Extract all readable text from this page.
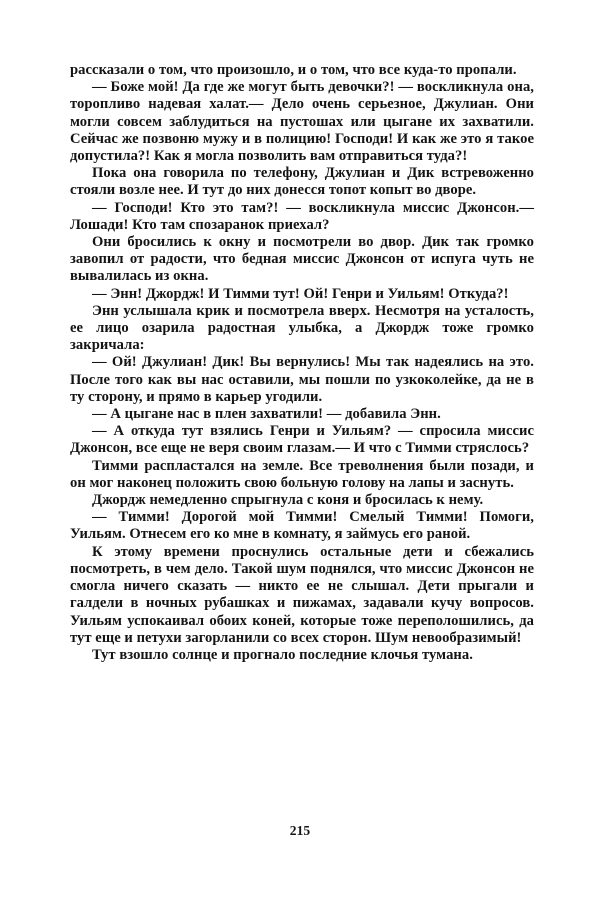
рассказали о том, что произошло, и о том, что все куда-то пропали.

— Боже мой! Да где же могут быть девочки?! — воскликнула она, торопливо надевая халат.— Дело очень серьезное, Джулиан. Они могли совсем заблудиться на пустошах или цыгане их захватили. Сейчас же позвоню мужу и в полицию! Господи! И как же это я такое допустила?! Как я могла позволить вам отправиться туда?!

Пока она говорила по телефону, Джулиан и Дик встревоженно стояли возле нее. И тут до них донесся топот копыт во дворе.

— Господи! Кто это там?! — воскликнула миссис Джонсон.— Лошади! Кто там спозаранок приехал?

Они бросились к окну и посмотрели во двор. Дик так громко завопил от радости, что бедная миссис Джонсон от испуга чуть не вывалилась из окна.

— Энн! Джордж! И Тимми тут! Ой! Генри и Уильям! Откуда?!

Энн услышала крик и посмотрела вверх. Несмотря на усталость, ее лицо озарила радостная улыбка, а Джордж тоже громко закричала:

— Ой! Джулиан! Дик! Вы вернулись! Мы так надеялись на это. После того как вы нас оставили, мы пошли по узкоколейке, да не в ту сторону, и прямо в карьер угодили.

— А цыгане нас в плен захватили! — добавила Энн.

— А откуда тут взялись Генри и Уильям? — спросила миссис Джонсон, все еще не веря своим глазам.— И что с Тимми стряслось?

Тимми распластался на земле. Все треволнения были позади, и он мог наконец положить свою больную голову на лапы и заснуть.

Джордж немедленно спрыгнула с коня и бросилась к нему.

— Тимми! Дорогой мой Тимми! Смелый Тимми! Помоги, Уильям. Отнесем его ко мне в комнату, я займусь его раной.

К этому времени проснулись остальные дети и сбежались посмотреть, в чем дело. Такой шум поднялся, что миссис Джонсон не смогла ничего сказать — никто ее не слышал. Дети прыгали и галдели в ночных рубашках и пижамах, задавали кучу вопросов. Уильям успокаивал обоих коней, которые тоже переполошились, да тут еще и петухи загорланили со всех сторон. Шум невообразимый!

Тут взошло солнце и прогнало последние клочья тумана.

215
